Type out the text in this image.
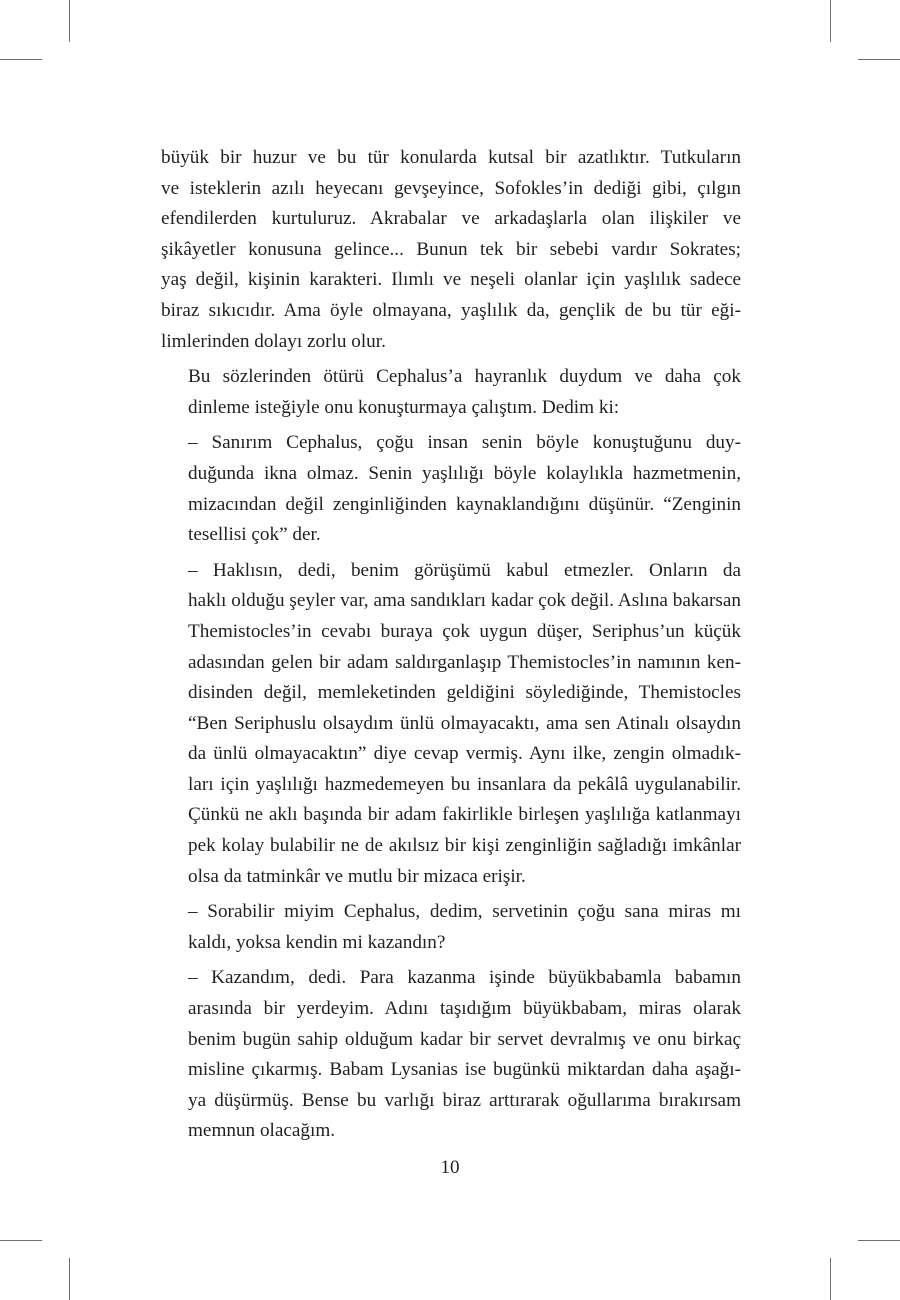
büyük bir huzur ve bu tür konularda kutsal bir azatlıktır. Tutkuların
ve isteklerin azılı heyecanı gevşeyince, Sofokles’in dediği gibi, çılgın
efendilerden kurtuluruz. Akrabalar ve arkadaşlarla olan ilişkiler ve
şikâyetler konusuna gelince... Bunun tek bir sebebi vardır Sokrates;
yaş değil, kişinin karakteri. Ilımlı ve neşeli olanlar için yaşlılık sadece
biraz sıkıcıdır. Ama öyle olmayana, yaşlılık da, gençlik de bu tür eği-
limlerinden dolayı zorlu olur.

Bu sözlerinden ötürü Cephalus’a hayranlık duydum ve daha çok
dinleme isteğiyle onu konuşturmaya çalıştım. Dedim ki:

– Sanırım Cephalus, çoğu insan senin böyle konuştuğunu duy-
duğunda ikna olmaz. Senin yaşlılığı böyle kolaylıkla hazmetmenin,
mizacından değil zenginliğinden kaynaklandığını düşünür. “Zenginin
tesellisi çok” der.

– Haklısın, dedi, benim görüşümü kabul etmezler. Onların da
haklı olduğu şeyler var, ama sandıkları kadar çok değil. Aslına bakarsan
Themistocles’in cevabı buraya çok uygun düşer, Seriphus’un küçük
adasından gelen bir adam saldırganlaşıp Themistocles’in namının ken-
disinden değil, memleketinden geldiğini söylediğinde, Themistocles
“Ben Seriphuslu olsaydım ünlü olmayacaktı, ama sen Atinalı olsaydın
da ünlü olmayacaktın” diye cevap vermiş. Aynı ilke, zengin olmadık-
ları için yaşlılığı hazmedemeyen bu insanlara da pekâlâ uygulanabilir.
Çünkü ne aklı başında bir adam fakirlikle birleşen yaşlılığa katlanmayı
pek kolay bulabilir ne de akılsız bir kişi zenginliğin sağladığı imkânlar
olsa da tatminkâr ve mutlu bir mizaca erişir.

– Sorabilir miyim Cephalus, dedim, servetinin çoğu sana miras mı
kaldı, yoksa kendin mi kazandın?

– Kazandım, dedi. Para kazanma işinde büyükbabamla babamın
arasında bir yerdeyim. Adını taşıdığım büyükbabam, miras olarak
benim bugün sahip olduğum kadar bir servet devralmış ve onu birkaç
misline çıkarmış. Babam Lysanias ise bugünkü miktardan daha aşağı-
ya düşürmüş. Bense bu varlığı biraz arttırarak oğullarıma bırakırsam
memnun olacağım.

10
